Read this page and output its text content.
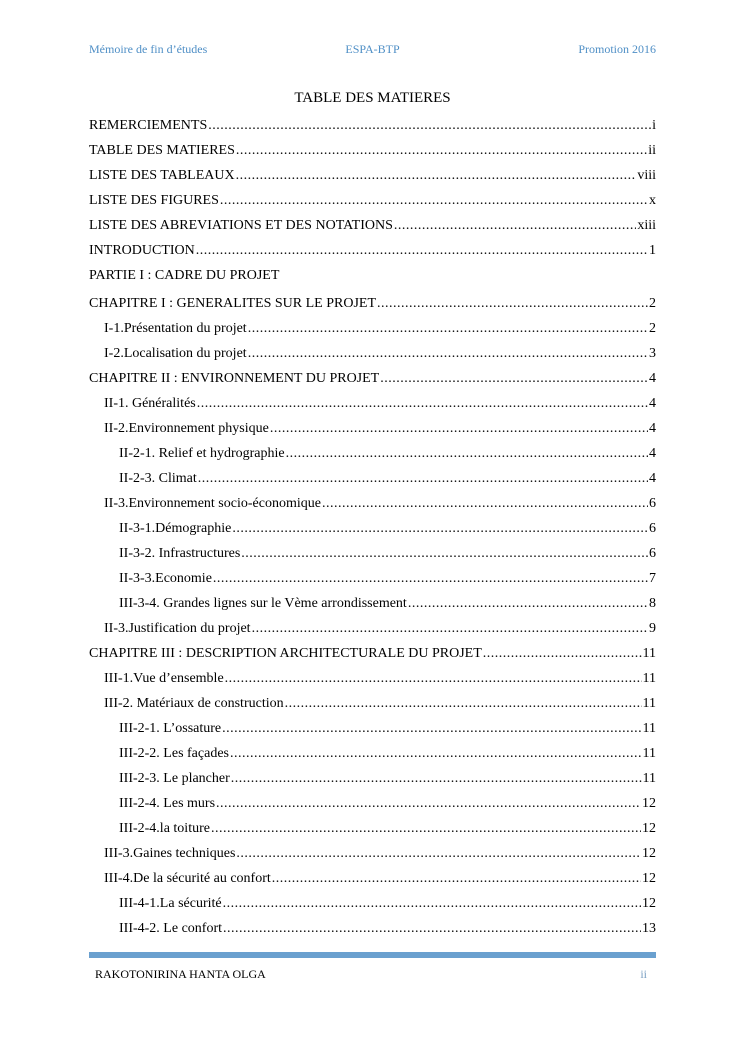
ESPA-BTP
Mémoire de fin d’études	Promotion 2016
TABLE DES MATIERES
REMERCIEMENTS .....	i
TABLE DES MATIERES .....	ii
LISTE DES TABLEAUX .....	viii
LISTE DES FIGURES .....	x
LISTE DES ABREVIATIONS ET DES NOTATIONS .....	xiii
INTRODUCTION .....	1
PARTIE I : CADRE DU PROJET
CHAPITRE I : GENERALITES SUR LE PROJET .....	2
I-1.Présentation du projet .....	2
I-2.Localisation du projet .....	3
CHAPITRE II : ENVIRONNEMENT DU PROJET .....	4
II-1. Généralités .....	4
II-2.Environnement physique .....	4
II-2-1. Relief et hydrographie .....	4
II-2-3. Climat .....	4
II-3.Environnement socio-économique .....	6
II-3-1.Démographie .....	6
II-3-2. Infrastructures .....	6
II-3-3.Economie .....	7
III-3-4. Grandes lignes sur le Vème arrondissement .....	8
II-3.Justification du projet .....	9
CHAPITRE III : DESCRIPTION ARCHITECTURALE DU PROJET .....	11
III-1.Vue d’ensemble .....	11
III-2. Matériaux de construction .....	11
III-2-1. L’ossature .....	11
III-2-2. Les façades .....	11
III-2-3. Le plancher .....	11
III-2-4. Les murs .....	12
III-2-4.la toiture .....	12
III-3.Gaines techniques .....	12
III-4.De la sécurité au confort .....	12
III-4-1.La sécurité .....	12
III-4-2. Le confort .....	13
RAKOTONIRINA HANTA OLGA	ii
